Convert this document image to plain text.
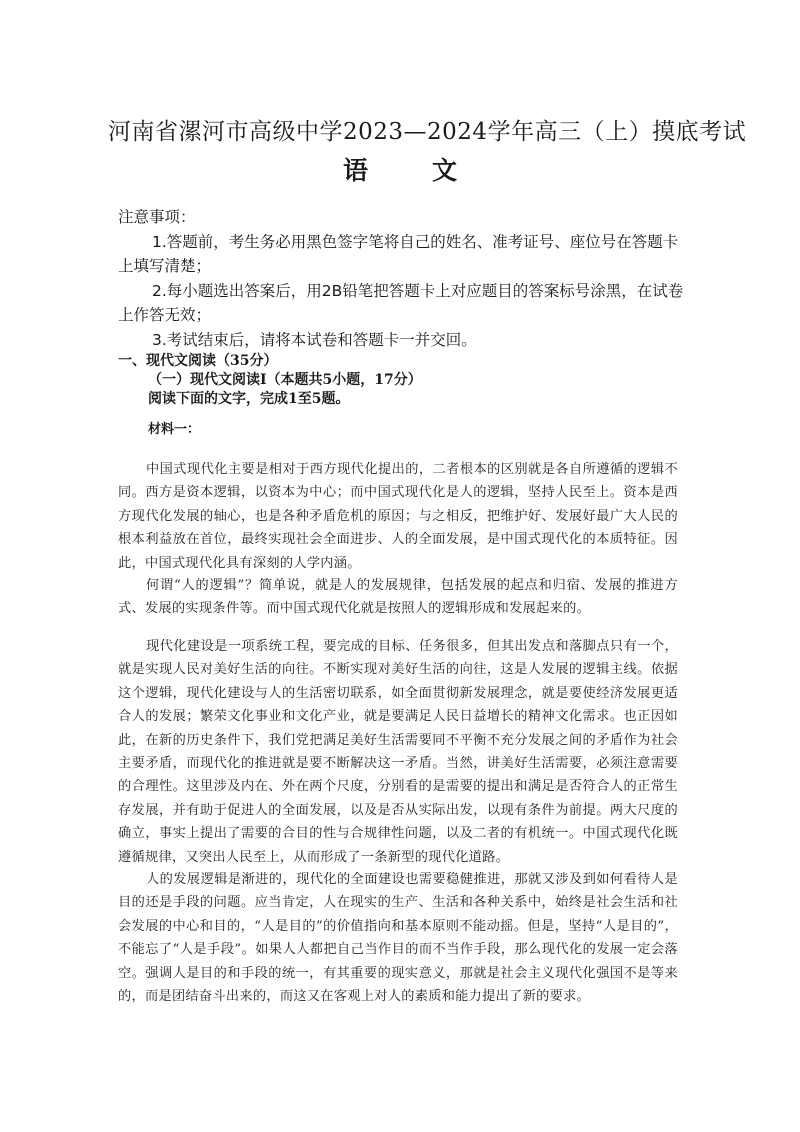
河南省漯河市高级中学2023—2024学年高三（上）摸底考试
语文

注意事项：

1.答题前，考生务必用黑色签字笔将自己的姓名、准考证号、座位号在答题卡上填写清楚；

2.每小题选出答案后，用2B铅笔把答题卡上对应题目的答案标号涂黑，在试卷上作答无效；

3.考试结束后，请将本试卷和答题卡一并交回。

一、现代文阅读（35分）

（一）现代文阅读Ⅰ（本题共5小题，17分）

阅读下面的文字，完成1至5题。

材料一：

中国式现代化主要是相对于西方现代化提出的，二者根本的区别就是各自所遵循的逻辑不同。西方是资本逻辑，以资本为中心；而中国式现代化是人的逻辑，坚持人民至上。资本是西方现代化发展的轴心，也是各种矛盾危机的原因；与之相反，把维护好、发展好最广大人民的根本利益放在首位，最终实现社会全面进步、人的全面发展，是中国式现代化的本质特征。因此，中国式现代化具有深刻的人学内涵。

何谓“人的逻辑”？简单说，就是人的发展规律，包括发展的起点和归宿、发展的推进方式、发展的实现条件等。而中国式现代化就是按照人的逻辑形成和发展起来的。

现代化建设是一项系统工程，要完成的目标、任务很多，但其出发点和落脚点只有一个，就是实现人民对美好生活的向往。不断实现对美好生活的向往，这是人发展的逻辑主线。依据这个逻辑，现代化建设与人的生活密切联系，如全面贯彻新发展理念，就是要使经济发展更适合人的发展；繁荣文化事业和文化产业，就是要满足人民日益增长的精神文化需求。也正因如此，在新的历史条件下，我们党把满足美好生活需要同不平衡不充分发展之间的矛盾作为社会主要矛盾，而现代化的推进就是要不断解决这一矛盾。当然，讲美好生活需要，必须注意需要的合理性。这里涉及内在、外在两个尺度，分别看的是需要的提出和满足是否符合人的正常生存发展，并有助于促进人的全面发展，以及是否从实际出发，以现有条件为前提。两大尺度的确立，事实上提出了需要的合目的性与合规律性问题，以及二者的有机统一。中国式现代化既遵循规律，又突出人民至上，从而形成了一条新型的现代化道路。

人的发展逻辑是渐进的，现代化的全面建设也需要稳健推进，那就又涉及到如何看待人是目的还是手段的问题。应当肯定，人在现实的生产、生活和各种关系中，始终是社会生活和社会发展的中心和目的，“人是目的”的价值指向和基本原则不能动摇。但是，坚持“人是目的”，不能忘了“人是手段”。如果人人都把自己当作目的而不当作手段，那么现代化的发展一定会落空。强调人是目的和手段的统一，有其重要的现实意义，那就是社会主义现代化强国不是等来的，而是团结奋斗出来的，而这又在客观上对人的素质和能力提出了新的要求。
